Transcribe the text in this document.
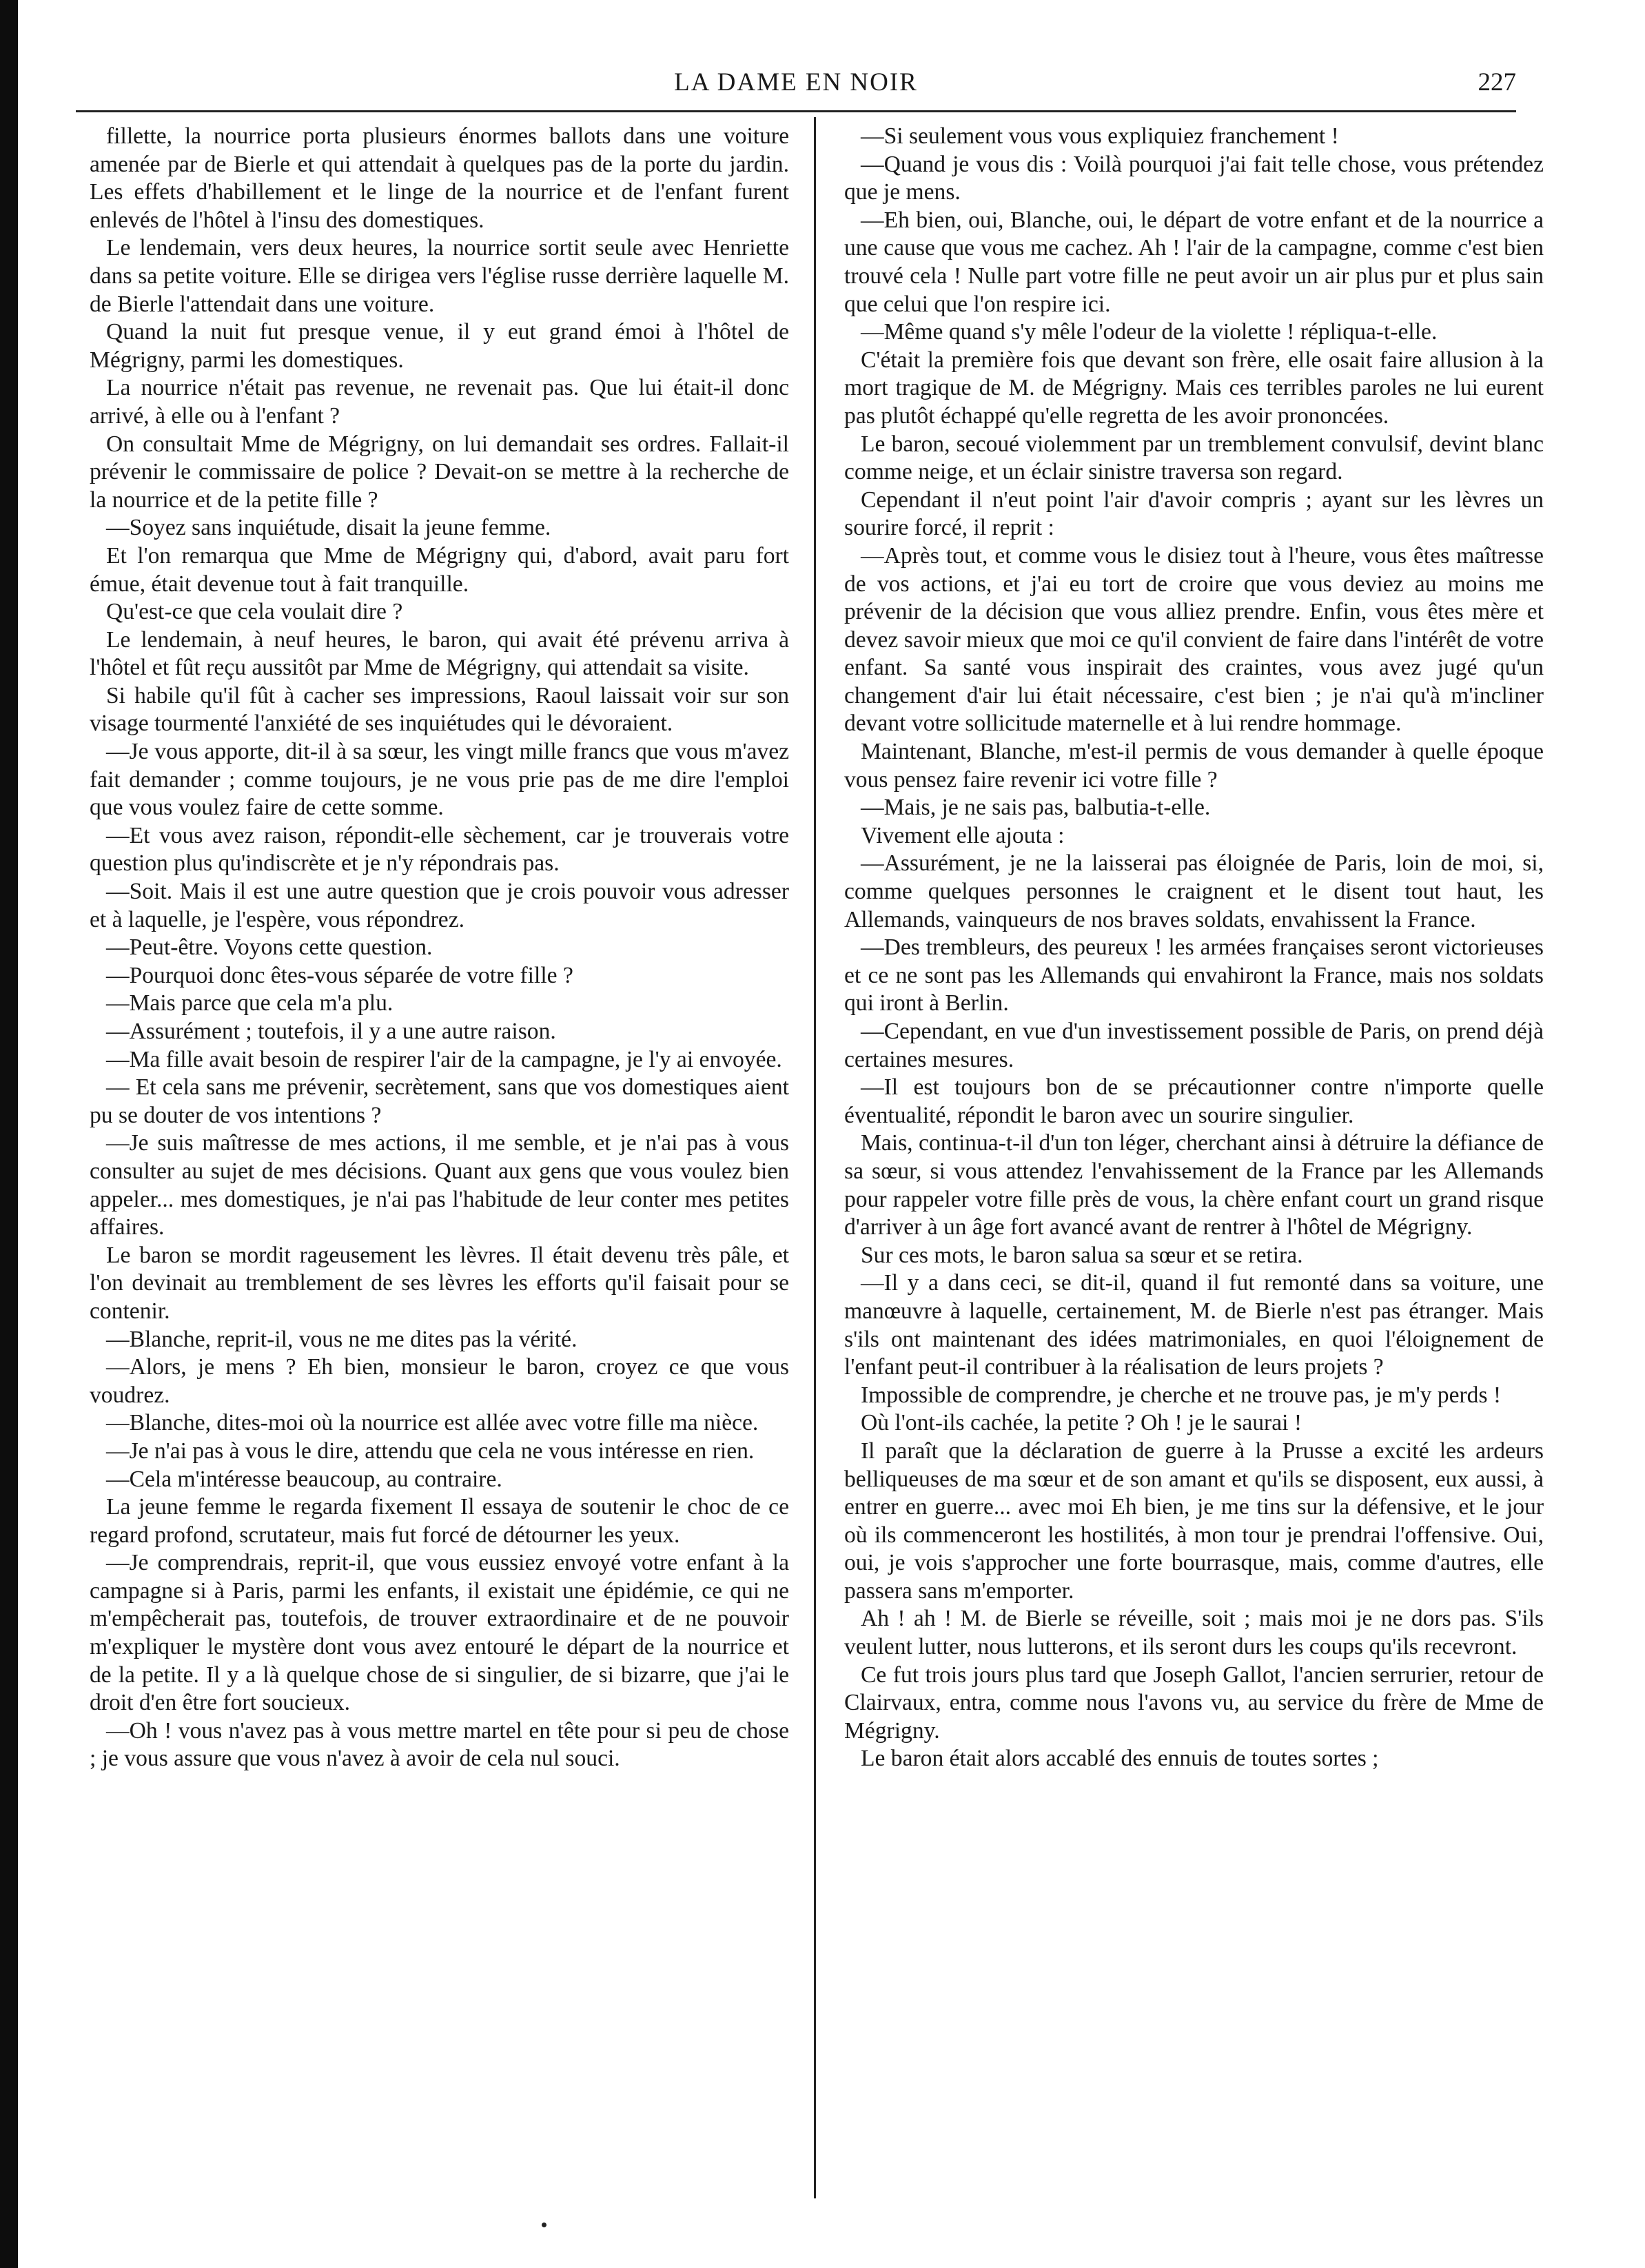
LA DAME EN NOIR	227

fillette, la nourrice porta plusieurs énormes ballots dans une voiture amenée par de Bierle et qui attendait à quelques pas de la porte du jardin. Les effets d'habillement et le linge de la nourrice et de l'enfant furent enlevés de l'hôtel à l'insu des domestiques.

Le lendemain, vers deux heures, la nourrice sortit seule avec Henriette dans sa petite voiture. Elle se dirigea vers l'église russe derrière laquelle M. de Bierle l'attendait dans une voiture.

Quand la nuit fut presque venue, il y eut grand émoi à l'hôtel de Mégrigny, parmi les domestiques.

La nourrice n'était pas revenue, ne revenait pas. Que lui était-il donc arrivé, à elle ou à l'enfant ?

On consultait Mme de Mégrigny, on lui demandait ses ordres. Fallait-il prévenir le commissaire de police ? Devait-on se mettre à la recherche de la nourrice et de la petite fille ?

—Soyez sans inquiétude, disait la jeune femme.

Et l'on remarqua que Mme de Mégrigny qui, d'abord, avait paru fort émue, était devenue tout à fait tranquille.

Qu'est-ce que cela voulait dire ?

Le lendemain, à neuf heures, le baron, qui avait été prévenu arriva à l'hôtel et fût reçu aussitôt par Mme de Mégrigny, qui attendait sa visite.

Si habile qu'il fût à cacher ses impressions, Raoul laissait voir sur son visage tourmenté l'anxiété de ses inquiétudes qui le dévoraient.

—Je vous apporte, dit-il à sa sœur, les vingt mille francs que vous m'avez fait demander ; comme toujours, je ne vous prie pas de me dire l'emploi que vous voulez faire de cette somme.

—Et vous avez raison, répondit-elle sèchement, car je trouverais votre question plus qu'indiscrète et je n'y répondrais pas.

—Soit. Mais il est une autre question que je crois pouvoir vous adresser et à laquelle, je l'espère, vous répondrez.

—Peut-être. Voyons cette question.

—Pourquoi donc êtes-vous séparée de votre fille ?

—Mais parce que cela m'a plu.

—Assurément ; toutefois, il y a une autre raison.

—Ma fille avait besoin de respirer l'air de la campagne, je l'y ai envoyée.

— Et cela sans me prévenir, secrètement, sans que vos domestiques aient pu se douter de vos intentions ?

—Je suis maîtresse de mes actions, il me semble, et je n'ai pas à vous consulter au sujet de mes décisions. Quant aux gens que vous voulez bien appeler... mes domestiques, je n'ai pas l'habitude de leur conter mes petites affaires.

Le baron se mordit rageusement les lèvres. Il était devenu très pâle, et l'on devinait au tremblement de ses lèvres les efforts qu'il faisait pour se contenir.

—Blanche, reprit-il, vous ne me dites pas la vérité.

—Alors, je mens ? Eh bien, monsieur le baron, croyez ce que vous voudrez.

—Blanche, dites-moi où la nourrice est allée avec votre fille ma nièce.

—Je n'ai pas à vous le dire, attendu que cela ne vous intéresse en rien.

—Cela m'intéresse beaucoup, au contraire.

La jeune femme le regarda fixement Il essaya de soutenir le choc de ce regard profond, scrutateur, mais fut forcé de détourner les yeux.

—Je comprendrais, reprit-il, que vous eussiez envoyé votre enfant à la campagne si à Paris, parmi les enfants, il existait une épidémie, ce qui ne m'empêcherait pas, toutefois, de trouver extraordinaire et de ne pouvoir m'expliquer le mystère dont vous avez entouré le départ de la nourrice et de la petite. Il y a là quelque chose de si singulier, de si bizarre, que j'ai le droit d'en être fort soucieux.

—Oh ! vous n'avez pas à vous mettre martel en tête pour si peu de chose ; je vous assure que vous n'avez à avoir de cela nul souci.

—Si seulement vous vous expliquiez franchement !

—Quand je vous dis : Voilà pourquoi j'ai fait telle chose, vous prétendez que je mens.

—Eh bien, oui, Blanche, oui, le départ de votre enfant et de la nourrice a une cause que vous me cachez. Ah ! l'air de la campagne, comme c'est bien trouvé cela ! Nulle part votre fille ne peut avoir un air plus pur et plus sain que celui que l'on respire ici.

—Même quand s'y mêle l'odeur de la violette ! répliqua-t-elle.

C'était la première fois que devant son frère, elle osait faire allusion à la mort tragique de M. de Mégrigny. Mais ces terribles paroles ne lui eurent pas plutôt échappé qu'elle regretta de les avoir prononcées.

Le baron, secoué violemment par un tremblement convulsif, devint blanc comme neige, et un éclair sinistre traversa son regard.

Cependant il n'eut point l'air d'avoir compris ; ayant sur les lèvres un sourire forcé, il reprit :

—Après tout, et comme vous le disiez tout à l'heure, vous êtes maîtresse de vos actions, et j'ai eu tort de croire que vous deviez au moins me prévenir de la décision que vous alliez prendre. Enfin, vous êtes mère et devez savoir mieux que moi ce qu'il convient de faire dans l'intérêt de votre enfant. Sa santé vous inspirait des craintes, vous avez jugé qu'un changement d'air lui était nécessaire, c'est bien ; je n'ai qu'à m'incliner devant votre sollicitude maternelle et à lui rendre hommage.

Maintenant, Blanche, m'est-il permis de vous demander à quelle époque vous pensez faire revenir ici votre fille ?

—Mais, je ne sais pas, balbutia-t-elle.

Vivement elle ajouta :

—Assurément, je ne la laisserai pas éloignée de Paris, loin de moi, si, comme quelques personnes le craignent et le disent tout haut, les Allemands, vainqueurs de nos braves soldats, envahissent la France.

—Des trembleurs, des peureux ! les armées françaises seront victorieuses et ce ne sont pas les Allemands qui envahiront la France, mais nos soldats qui iront à Berlin.

—Cependant, en vue d'un investissement possible de Paris, on prend déjà certaines mesures.

—Il est toujours bon de se précautionner contre n'importe quelle éventualité, répondit le baron avec un sourire singulier.

Mais, continua-t-il d'un ton léger, cherchant ainsi à détruire la défiance de sa sœur, si vous attendez l'envahissement de la France par les Allemands pour rappeler votre fille près de vous, la chère enfant court un grand risque d'arriver à un âge fort avancé avant de rentrer à l'hôtel de Mégrigny.

Sur ces mots, le baron salua sa sœur et se retira.

—Il y a dans ceci, se dit-il, quand il fut remonté dans sa voiture, une manœuvre à laquelle, certainement, M. de Bierle n'est pas étranger. Mais s'ils ont maintenant des idées matrimoniales, en quoi l'éloignement de l'enfant peut-il contribuer à la réalisation de leurs projets ?

Impossible de comprendre, je cherche et ne trouve pas, je m'y perds !

Où l'ont-ils cachée, la petite ? Oh ! je le saurai !

Il paraît que la déclaration de guerre à la Prusse a excité les ardeurs belliqueuses de ma sœur et de son amant et qu'ils se disposent, eux aussi, à entrer en guerre... avec moi Eh bien, je me tins sur la défensive, et le jour où ils commenceront les hostilités, à mon tour je prendrai l'offensive. Oui, oui, je vois s'approcher une forte bourrasque, mais, comme d'autres, elle passera sans m'emporter.

Ah ! ah ! M. de Bierle se réveille, soit ; mais moi je ne dors pas. S'ils veulent lutter, nous lutterons, et ils seront durs les coups qu'ils recevront.

Ce fut trois jours plus tard que Joseph Gallot, l'ancien serrurier, retour de Clairvaux, entra, comme nous l'avons vu, au service du frère de Mme de Mégrigny.

Le baron était alors accablé des ennuis de toutes sortes ;
